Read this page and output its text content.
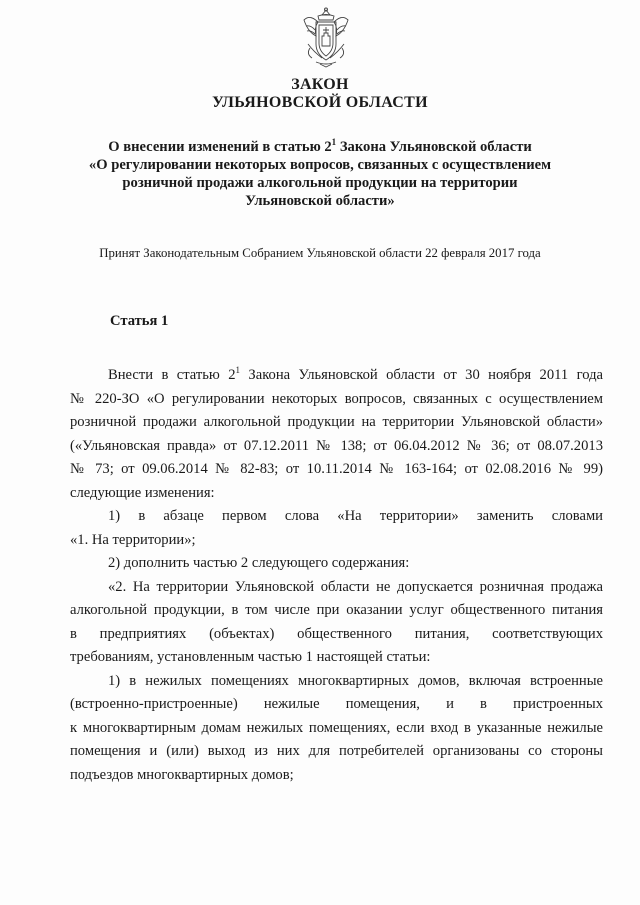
ЗАКОН
УЛЬЯНОВСКОЙ ОБЛАСТИ
О внесении изменений в статью $2^1$ Закона Ульяновской области
«О регулировании некоторых вопросов, связанных с осуществлением
розничной продажи алкогольной продукции на территории
Ульяновской области»
Принят Законодательным Собранием Ульяновской области 22 февраля 2017 года
Статья 1
Внести в статью $2^1$ Закона Ульяновской области от 30 ноября 2011 года
№ 220-ЗО «О регулировании некоторых вопросов, связанных с осуществлением
розничной продажи алкогольной продукции на территории Ульяновской области»
(«Ульяновская правда» от 07.12.2011 № 138; от 06.04.2012 № 36; от 08.07.2013
№ 73; от 09.06.2014 № 82-83; от 10.11.2014 № 163-164; от 02.08.2016 № 99)
следующие изменения:
1) в абзаце первом слова «На территории» заменить словами
«1. На территории»;
2) дополнить частью 2 следующего содержания:
«2. На территории Ульяновской области не допускается розничная продажа
алкогольной продукции, в том числе при оказании услуг общественного питания
в предприятиях (объектах) общественного питания, соответствующих
требованиям, установленным частью 1 настоящей статьи:
1) в нежилых помещениях многоквартирных домов, включая встроенные
(встроенно-пристроенные) нежилые помещения, и в пристроенных
к многоквартирным домам нежилых помещениях, если вход в указанные нежилые
помещения и (или) выход из них для потребителей организованы со стороны
подъездов многоквартирных домов;
